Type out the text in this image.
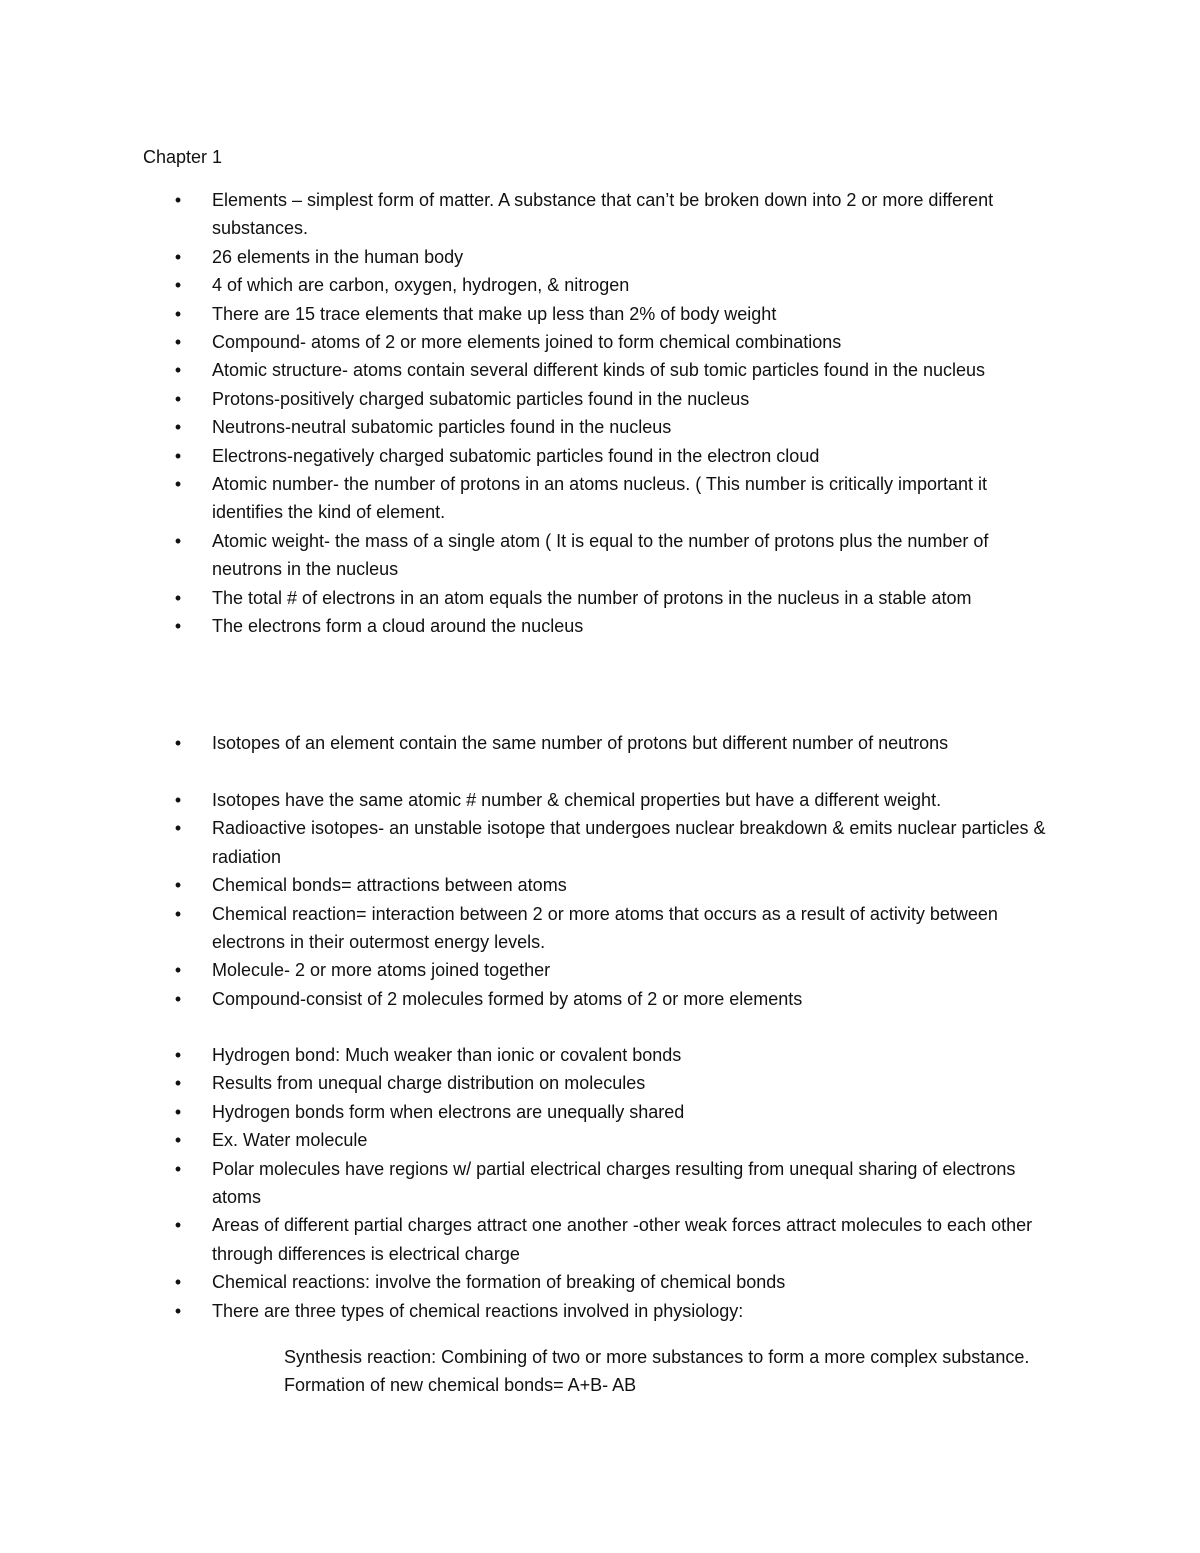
Chapter 1

• Elements – simplest form of matter. A substance that can’t be broken down into 2 or more different substances.
• 26 elements in the human body
• 4 of which are carbon, oxygen, hydrogen, & nitrogen
• There are 15 trace elements that make up less than 2% of body weight
• Compound- atoms of 2 or more elements joined to form chemical combinations
• Atomic structure- atoms contain several different kinds of sub tomic particles found in the nucleus
• Protons-positively charged subatomic particles found in the nucleus
• Neutrons-neutral subatomic particles found in the nucleus
• Electrons-negatively charged subatomic particles found in the electron cloud
• Atomic number- the number of protons in an atoms nucleus. ( This number is critically important it identifies the kind of element.
• Atomic weight- the mass of a single atom ( It is equal to the number of protons plus the number of neutrons in the nucleus
• The total # of electrons in an atom equals the number of protons in the nucleus in a stable atom
• The electrons form a cloud around the nucleus
• Isotopes of an element contain the same number of protons but different number of neutrons
• Isotopes have the same atomic # number & chemical properties but have a different weight.
• Radioactive isotopes- an unstable isotope that undergoes nuclear breakdown & emits nuclear particles & radiation
• Chemical bonds= attractions between atoms
• Chemical reaction= interaction between 2 or more atoms that occurs as a result of activity between electrons in their outermost energy levels.
• Molecule- 2 or more atoms joined together
• Compound-consist of 2 molecules formed by atoms of 2 or more elements
• Hydrogen bond: Much weaker than ionic or covalent bonds
• Results from unequal charge distribution on molecules
• Hydrogen bonds form when electrons are unequally shared
• Ex. Water molecule
• Polar molecules have regions w/ partial electrical charges resulting from unequal sharing of electrons atoms
• Areas of different partial charges attract one another -other weak forces attract molecules to each other through differences is electrical charge
• Chemical reactions: involve the formation of breaking of chemical bonds
• There are three types of chemical reactions involved in physiology:

Synthesis reaction: Combining of two or more substances to form a more complex substance. Formation of new chemical bonds= A+B- AB
